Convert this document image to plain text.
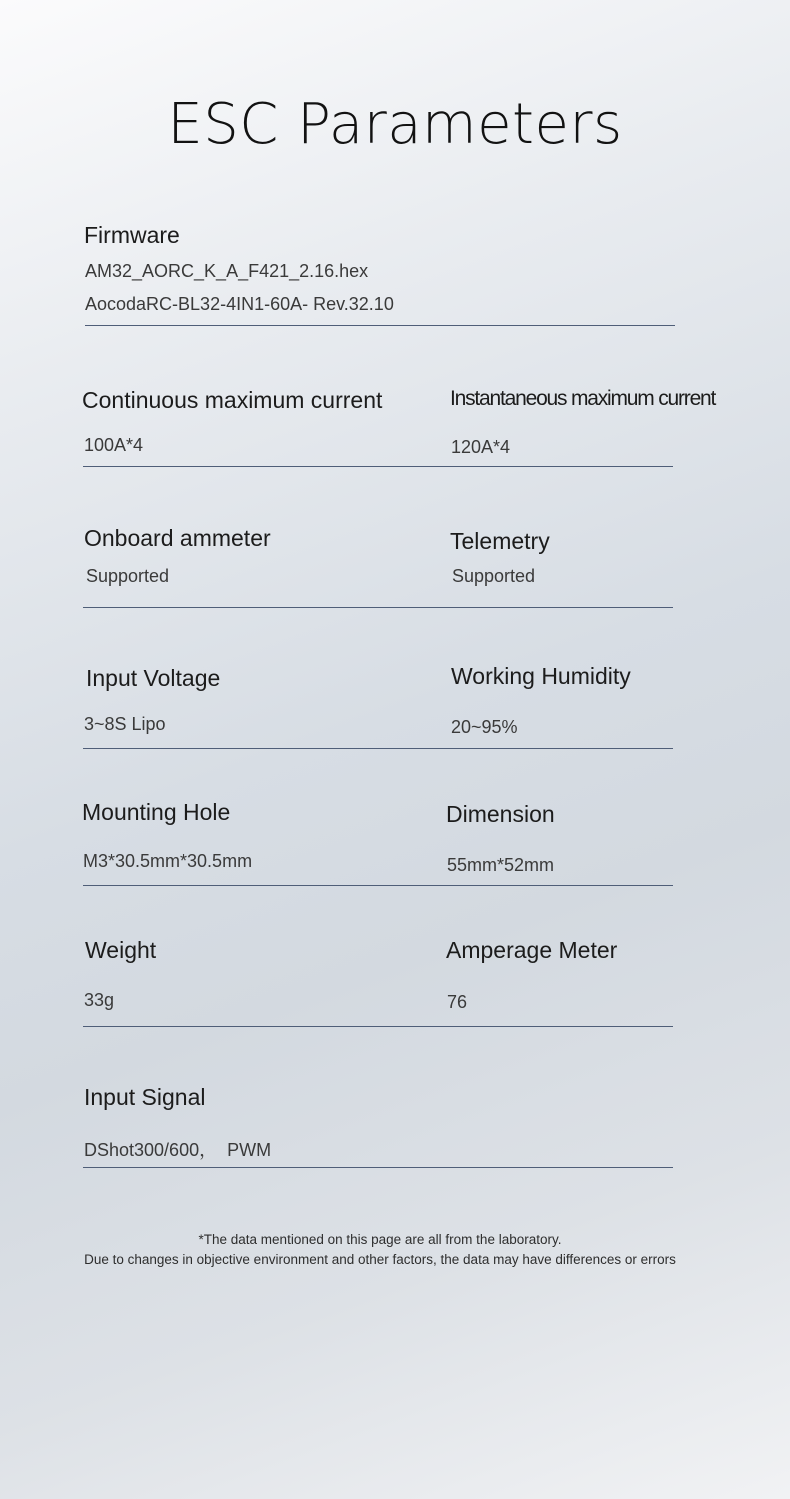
ESC Parameters
Firmware
AM32_AORC_K_A_F421_2.16.hex
AocodaRC-BL32-4IN1-60A- Rev.32.10
Continuous maximum current
100A*4
Instantaneous maximum current
120A*4
Onboard ammeter
Supported
Telemetry
Supported
Input Voltage
3~8S Lipo
Working Humidity
20~95%
Mounting Hole
M3*30.5mm*30.5mm
Dimension
55mm*52mm
Weight
33g
Amperage Meter
76
Input Signal
DShot300/600，  PWM
*The data mentioned on this page are all from the laboratory.
Due to changes in objective environment and other factors, the data may have differences or errors
